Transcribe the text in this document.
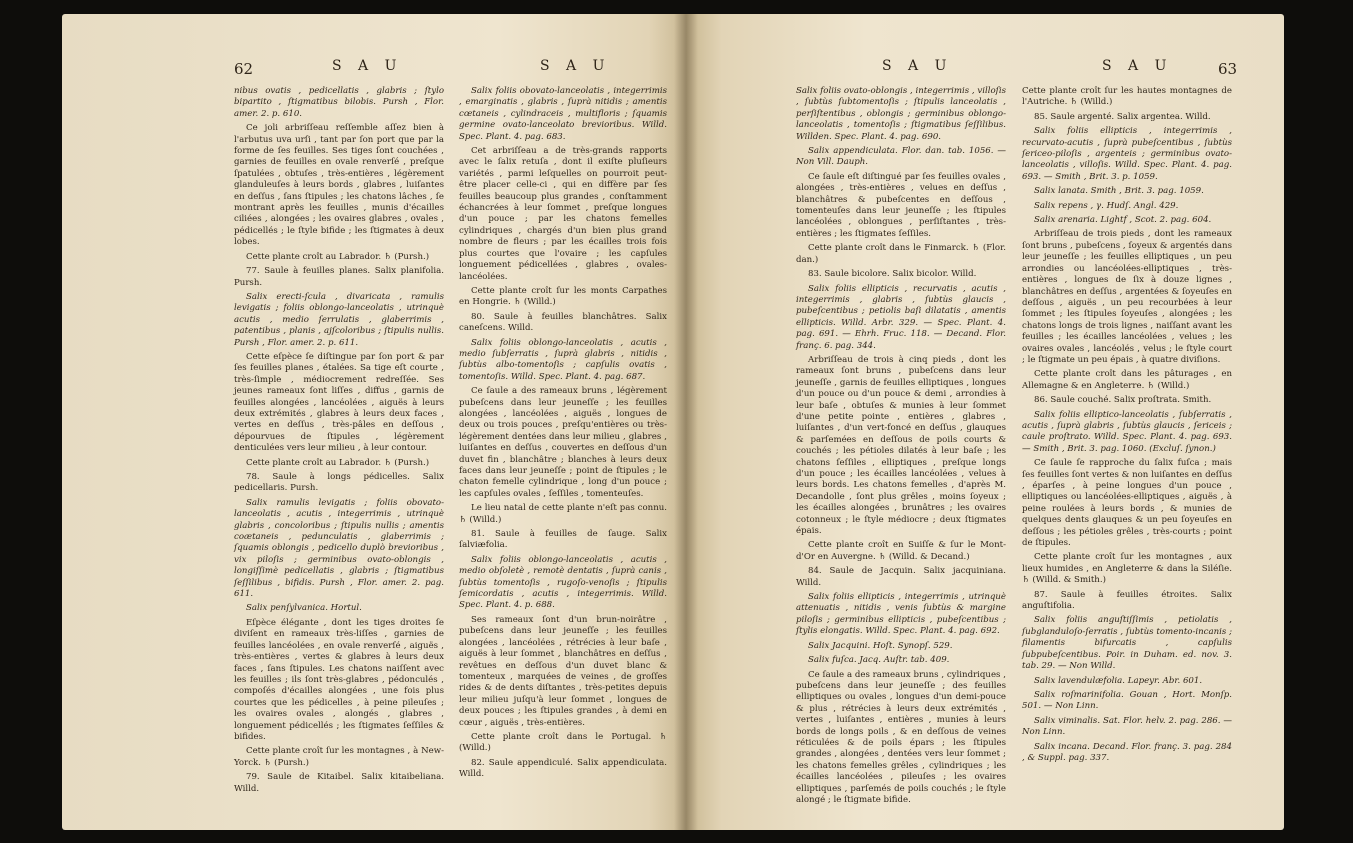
62	S A U	S A U

nibus ovatis , pedicellatis , glabris ; ſtylo bipartito , ſtigmatibus bilobis. Pursh , Flor. amer. 2. p. 610.

Ce joli arbriſſeau reſſemble aſſez bien à l'arbutus uva urſi , tant par ſon port que par la forme de ſes feuilles. Ses tiges ſont couchées , garnies de feuilles en ovale renverſé , preſque ſpatulées , obtuſes , très-entières , légèrement glanduleuſes à leurs bords , glabres , luiſantes en deſſus , ſans ſtipules ; les chatons lâches , ſe montrant après les feuilles , munis d'écailles ciliées , alongées ; les ovaires glabres , ovales , pédicellés ; le ſtyle bifide ; les ſtigmates à deux lobes.

Cette plante croît au Labrador. ♄ (Pursh.)

77. Saule à feuilles planes. Salix planifolia. Pursh.

Salix erecti-ſcula , divaricata , ramulis levigatis ; foliis oblongo-lanceolatis , utrinquè acutis , medio ſerrulatis , glaberrimis , patentibus , planis , ajſcoloribus ; ſtipulis nullis. Pursh , Flor. amer. 2. p. 611.

Cette eſpèce ſe diſtingue par ſon port & par ſes feuilles planes , étalées. Sa tige eſt courte , très-ſimple , médiocrement redreſſée. Ses jeunes rameaux ſont liſſes , diffus , garnis de feuilles alongées , lancéolées , aiguës à leurs deux extrémités , glabres à leurs deux faces , vertes en deſſus , très-pâles en deſſous , dépourvues de ſtipules , légèrement denticulées vers leur milieu , à leur contour.

Cette plante croît au Labrador. ♄ (Pursh.)

78. Saule à longs pédicelles. Salix pedicellaris. Pursh.

Salix ramulis levigatis ; foliis obovato-lanceolatis , acutis , integerrimis , utrinquè glabris , concoloribus ; ſtipulis nullis ; amentis coætaneis , pedunculatis , glaberrimis ; ſquamis oblongis , pedicello duplò brevioribus , vix piloſis ; germinibus ovato-oblongis , longiſſimè pedicellatis , glabris ; ſtigmatibus ſeſſilibus , bifidis. Pursh , Flor. amer. 2. pag. 611.

Salix penſylvanica. Hortul.

Eſpèce élégante , dont les tiges droites ſe diviſent en rameaux très-liſſes , garnies de feuilles lancéolées , en ovale renverſé , aiguës , très-entières , vertes & glabres à leurs deux faces , ſans ſtipules. Les chatons naiſſent avec les feuilles ; ils ſont très-glabres , pédonculés , compoſés d'écailles alongées , une fois plus courtes que les pédicelles , à peine pileuſes ; les ovaires ovales , alongés , glabres , longuement pédicellés ; les ſtigmates ſeſſiles & bifides.

Cette plante croît ſur les montagnes , à New-Yorck. ♄ (Pursh.)

79. Saule de Kitaibel. Salix kitaibeliana. Willd.

Salix foliis obovato-lanceolatis , integerrimis , emarginatis , glabris , ſuprà nitidis ; amentis cœtaneis , cylindraceis , multifloris ; ſquamis germine ovato-lanceolato brevioribus. Willd. Spec. Plant. 4. pag. 683.

Cet arbriſſeau a de très-grands rapports avec le ſalix retuſa , dont il exiſte pluſieurs variétés , parmi leſquelles on pourroit peut-être placer celle-ci , qui en diffère par ſes feuilles beaucoup plus grandes , conſtamment échancrées à leur ſommet , preſque longues d'un pouce ; par les chatons femelles cylindriques , chargés d'un bien plus grand nombre de fleurs ; par les écailles trois fois plus courtes que l'ovaire ; les capſules longuement pédicellées , glabres , ovales-lancéolées.

Cette plante croît ſur les monts Carpathes en Hongrie. ♄ (Willd.)

80. Saule à feuilles blanchâtres. Salix caneſcens. Willd.

Salix foliis oblongo-lanceolatis , acutis , medio ſubſerratis , ſuprà glabris , nitidis , ſubtùs albo-tomentoſis ; capſulis ovatis , tomentoſis. Willd. Spec. Plant. 4. pag. 687.

Ce ſaule a des rameaux bruns , légèrement pubeſcens dans leur jeuneſſe ; les feuilles alongées , lancéolées , aiguës , longues de deux ou trois pouces , preſqu'entières ou très-légèrement dentées dans leur milieu , glabres , luiſantes en deſſus , couvertes en deſſous d'un duvet fin , blanchâtre ; blanches à leurs deux faces dans leur jeuneſſe ; point de ſtipules ; le chaton femelle cylindrique , long d'un pouce ; les capſules ovales , ſeſſiles , tomenteuſes.

Le lieu natal de cette plante n'eſt pas connu. ♄ (Willd.)

81. Saule à feuilles de ſauge. Salix ſalviæfolia.

Salix foliis oblongo-lanceolatis , acutis , medio obſoletè , remotè dentatis , ſuprà canis , ſubtùs tomentoſis , rugoſo-venoſis ; ſtipulis ſemicordatis , acutis , integerrimis. Willd. Spec. Plant. 4. p. 688.

Ses rameaux ſont d'un brun-noirâtre , pubeſcens dans leur jeuneſſe ; les feuilles alongées , lancéolées , rétrécies à leur baſe , aiguës à leur ſommet , blanchâtres en deſſus , revêtues en deſſous d'un duvet blanc & tomenteux , marquées de veines , de groſſes rides & de dents diſtantes , très-petites depuis leur milieu juſqu'à leur ſommet , longues de deux pouces ; les ſtipules grandes , à demi en cœur , aiguës , très-entières.

Cette plante croît dans le Portugal. ♄ (Willd.)

82. Saule appendiculé. Salix appendiculata. Willd.

S A U	S A U	63

Salix foliis ovato-oblongis , integerrimis , villoſis , ſubtùs ſubtomentoſis ; ſtipulis lanceolatis , perſiſtentibus , oblongis ; germinibus oblongo-lanceolatis , tomentoſis ; ſtigmatibus ſeſſilibus. Willden. Spec. Plant. 4. pag. 690.

Salix appendiculata. Flor. dan. tab. 1056. — Non Vill. Dauph.

Ce ſaule eſt diſtingué par ſes feuilles ovales , alongées , très-entières , velues en deſſus , blanchâtres & pubeſcentes en deſſous , tomenteuſes dans leur jeuneſſe ; les ſtipules lancéolées , oblongues , perſiſtantes , très-entières ; les ſtigmates ſeſſiles.

Cette plante croît dans le Finmarck. ♄ (Flor. dan.)

83. Saule bicolore. Salix bicolor. Willd.

Salix foliis ellipticis , recurvatis , acutis , integerrimis , glabris , ſubtùs glaucis , pubeſcentibus ; petiolis baſi dilatatis , amentis ellipticis. Willd. Arbr. 329. — Spec. Plant. 4. pag. 691. — Ehrh. Fruc. 118. — Decand. Flor. franç. 6. pag. 344.

Arbriſſeau de trois à cinq pieds , dont les rameaux ſont bruns , pubeſcens dans leur jeuneſſe , garnis de feuilles elliptiques , longues d'un pouce ou d'un pouce & demi , arrondies à leur baſe , obtuſes & munies à leur ſommet d'une petite pointe , entières , glabres , luiſantes , d'un vert-foncé en deſſus , glauques & parſemées en deſſous de poils courts & couchés ; les pétioles dilatés à leur baſe ; les chatons ſeſſiles , elliptiques , preſque longs d'un pouce ; les écailles lancéolées , velues à leurs bords. Les chatons femelles , d'après M. Decandolle , ſont plus grêles , moins ſoyeux ; les écailles alongées , brunâtres ; les ovaires cotonneux ; le ſtyle médiocre ; deux ſtigmates épais.

Cette plante croît en Suiſſe & ſur le Mont-d'Or en Auvergne. ♄ (Willd. & Decand.)

84. Saule de Jacquin. Salix jacquiniana. Willd.

Salix foliis ellipticis , integerrimis , utrinquè attenuatis , nitidis , venis ſubtùs & margine piloſis ; germinibus ellipticis , pubeſcentibus ; ſtylis elongatis. Willd. Spec. Plant. 4. pag. 692.

Salix Jacquini. Hoſt. Synopſ. 529.

Salix fuſca. Jacq. Auſtr. tab. 409.

Ce ſaule a des rameaux bruns , cylindriques , pubeſcens dans leur jeuneſſe ; des feuilles elliptiques ou ovales , longues d'un demi-pouce & plus , rétrécies à leurs deux extrémités , vertes , luiſantes , entières , munies à leurs bords de longs poils , & en deſſous de veines réticulées & de poils épars ; les ſtipules grandes , alongées , dentées vers leur ſommet ; les chatons femelles grêles , cylindriques ; les écailles lancéolées , pileuſes ; les ovaires elliptiques , parſemés de poils couchés ; le ſtyle alongé ; le ſtigmate bifide.

Cette plante croît ſur les hautes montagnes de l'Autriche. ♄ (Willd.)

85. Saule argenté. Salix argentea. Willd.

Salix foliis ellipticis , integerrimis , recurvato-acutis , ſuprà pubeſcentibus , ſubtùs ſericeo-piloſis , argenteis ; germinibus ovato-lanceolatis , villoſis. Willd. Spec. Plant. 4. pag. 693. — Smith , Brit. 3. p. 1059.

Salix lanata. Smith , Brit. 3. pag. 1059.

Salix repens , γ. Hudſ. Angl. 429.

Salix arenaria. Lightf , Scot. 2. pag. 604.

Arbriſſeau de trois pieds , dont les rameaux ſont bruns , pubeſcens , ſoyeux & argentés dans leur jeuneſſe ; les feuilles elliptiques , un peu arrondies ou lancéolées-elliptiques , très-entières , longues de ſix à douze lignes , blanchâtres en deſſus , argentées & ſoyeuſes en deſſous , aiguës , un peu recourbées à leur ſommet ; les ſtipules ſoyeuſes , alongées ; les chatons longs de trois lignes , naiſſant avant les feuilles ; les écailles lancéolées , velues ; les ovaires ovales , lancéolés , velus ; le ſtyle court ; le ſtigmate un peu épais , à quatre diviſions.

Cette plante croît dans les pâturages , en Allemagne & en Angleterre. ♄ (Willd.)

86. Saule couché. Salix proſtrata. Smith.

Salix foliis elliptico-lanceolatis , ſubſerratis , acutis , ſuprà glabris , ſubtùs glaucis , ſericeis ; caule proſtrato. Willd. Spec. Plant. 4. pag. 693. — Smith , Brit. 3. pag. 1060. (Excluſ. ſynon.)

Ce ſaule ſe rapproche du ſalix fuſca ; mais ſes feuilles ſont vertes & non luiſantes en deſſus , éparſes , à peine longues d'un pouce , elliptiques ou lancéolées-elliptiques , aiguës , à peine roulées à leurs bords , & munies de quelques dents glauques & un peu ſoyeuſes en deſſous ; les pétioles grêles , très-courts ; point de ſtipules.

Cette plante croît ſur les montagnes , aux lieux humides , en Angleterre & dans la Siléſie. ♄ (Willd. & Smith.)

87. Saule à feuilles étroites. Salix anguſtifolia.

Salix foliis anguſtiſſimis , petiolatis , ſubglanduloſo-ſerratis , ſubtùs tomento-incanis ; filamentis bifurcatis , capſulis ſubpubeſcentibus. Poir. in Duham. ed. nov. 3. tab. 29. — Non Willd.

Salix lavendulæfolia. Lapeyr. Abr. 601.

Salix roſmarinifolia. Gouan , Hort. Monſp. 501. — Non Linn.

Salix viminalis. Sat. Flor. helv. 2. pag. 286. — Non Linn.

Salix incana. Decand. Flor. franç. 3. pag. 284 , & Suppl. pag. 337.
